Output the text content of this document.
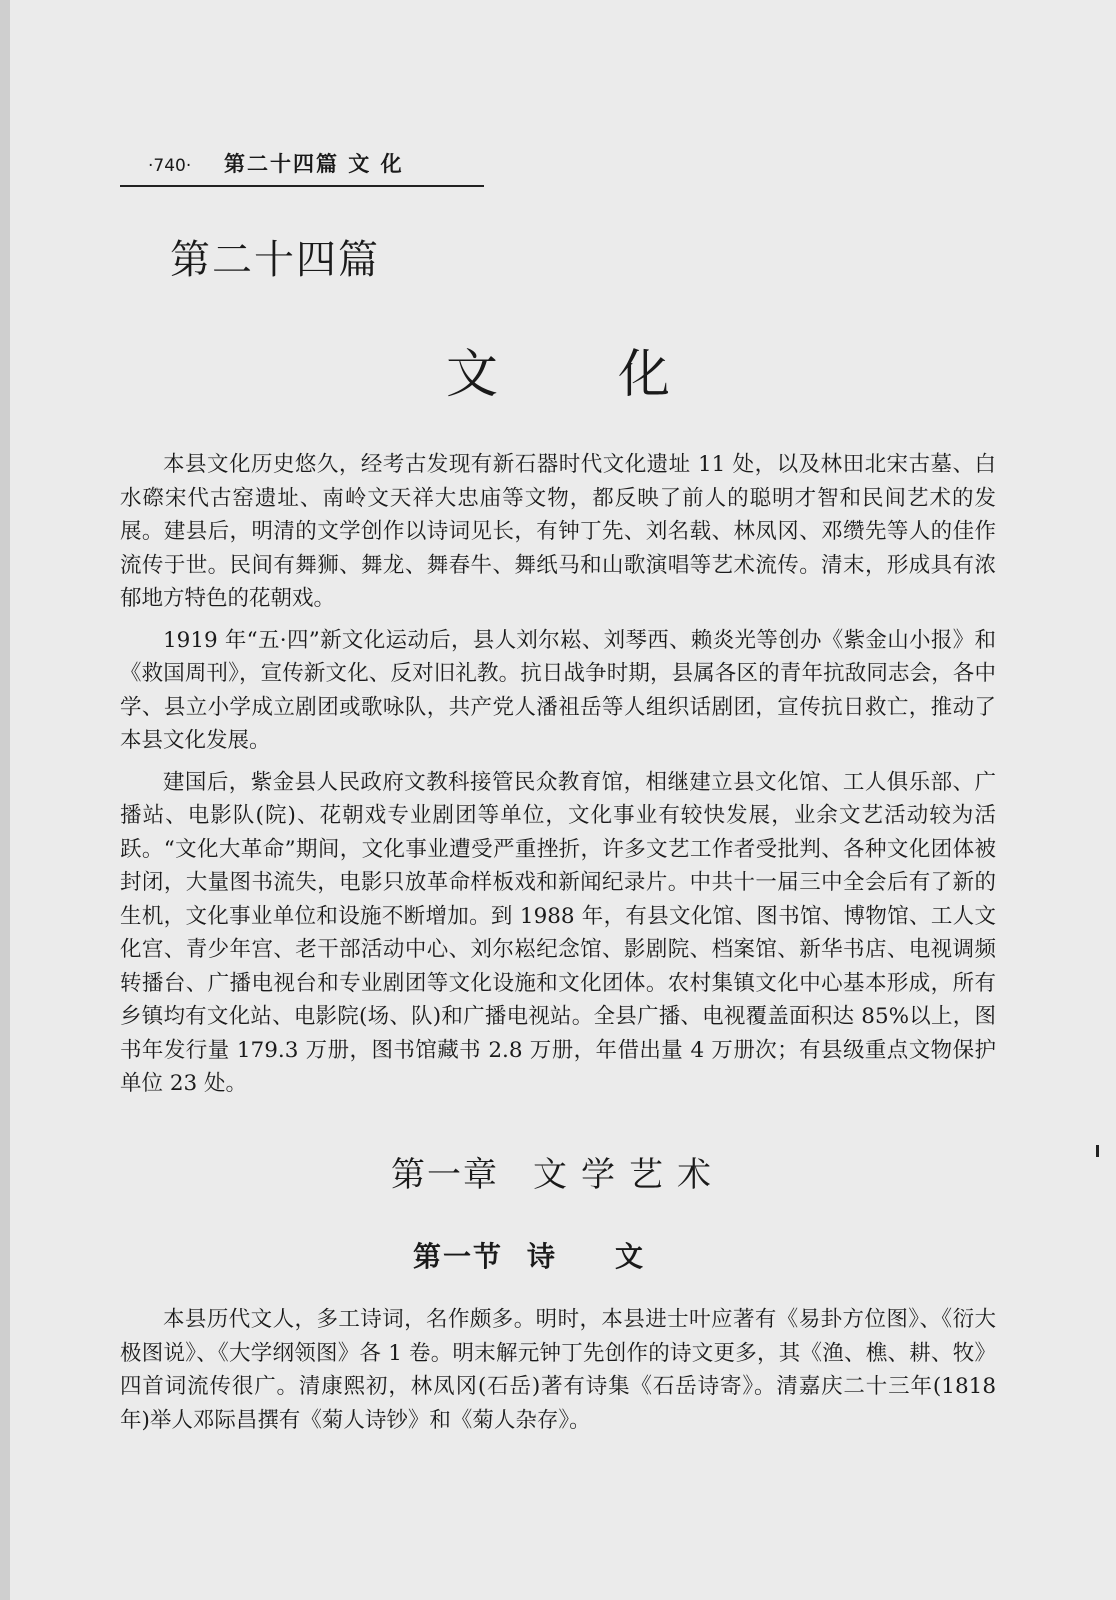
·740· 第二十四篇 文 化
第二十四篇
文化

本县文化历史悠久，经考古发现有新石器时代文化遗址 11 处，以及林田北宋古墓、白水磜宋代古窑遗址、南岭文天祥大忠庙等文物，都反映了前人的聪明才智和民间艺术的发展。建县后，明清的文学创作以诗词见长，有钟丁先、刘名载、林凤冈、邓缵先等人的佳作流传于世。民间有舞狮、舞龙、舞春牛、舞纸马和山歌演唱等艺术流传。清末，形成具有浓郁地方特色的花朝戏。

1919 年“五·四”新文化运动后，县人刘尔崧、刘琴西、赖炎光等创办《紫金山小报》和《救国周刊》，宣传新文化、反对旧礼教。抗日战争时期，县属各区的青年抗敌同志会，各中学、县立小学成立剧团或歌咏队，共产党人潘祖岳等人组织话剧团，宣传抗日救亡，推动了本县文化发展。

建国后，紫金县人民政府文教科接管民众教育馆，相继建立县文化馆、工人俱乐部、广播站、电影队(院)、花朝戏专业剧团等单位，文化事业有较快发展，业余文艺活动较为活跃。“文化大革命”期间，文化事业遭受严重挫折，许多文艺工作者受批判、各种文化团体被封闭，大量图书流失，电影只放革命样板戏和新闻纪录片。中共十一届三中全会后有了新的生机，文化事业单位和设施不断增加。到 1988 年，有县文化馆、图书馆、博物馆、工人文化宫、青少年宫、老干部活动中心、刘尔崧纪念馆、影剧院、档案馆、新华书店、电视调频转播台、广播电视台和专业剧团等文化设施和文化团体。农村集镇文化中心基本形成，所有乡镇均有文化站、电影院(场、队)和广播电视站。全县广播、电视覆盖面积达 85%以上，图书年发行量 179.3 万册，图书馆藏书 2.8 万册，年借出量 4 万册次；有县级重点文物保护单位 23 处。

第一章 文学艺术
第一节 诗文

本县历代文人，多工诗词，名作颇多。明时，本县进士叶应著有《易卦方位图》、《衍大极图说》、《大学纲领图》各 1 卷。明末解元钟丁先创作的诗文更多，其《渔、樵、耕、牧》四首词流传很广。清康熙初，林凤冈(石岳)著有诗集《石岳诗寄》。清嘉庆二十三年(1818 年)举人邓际昌撰有《菊人诗钞》和《菊人杂存》。
